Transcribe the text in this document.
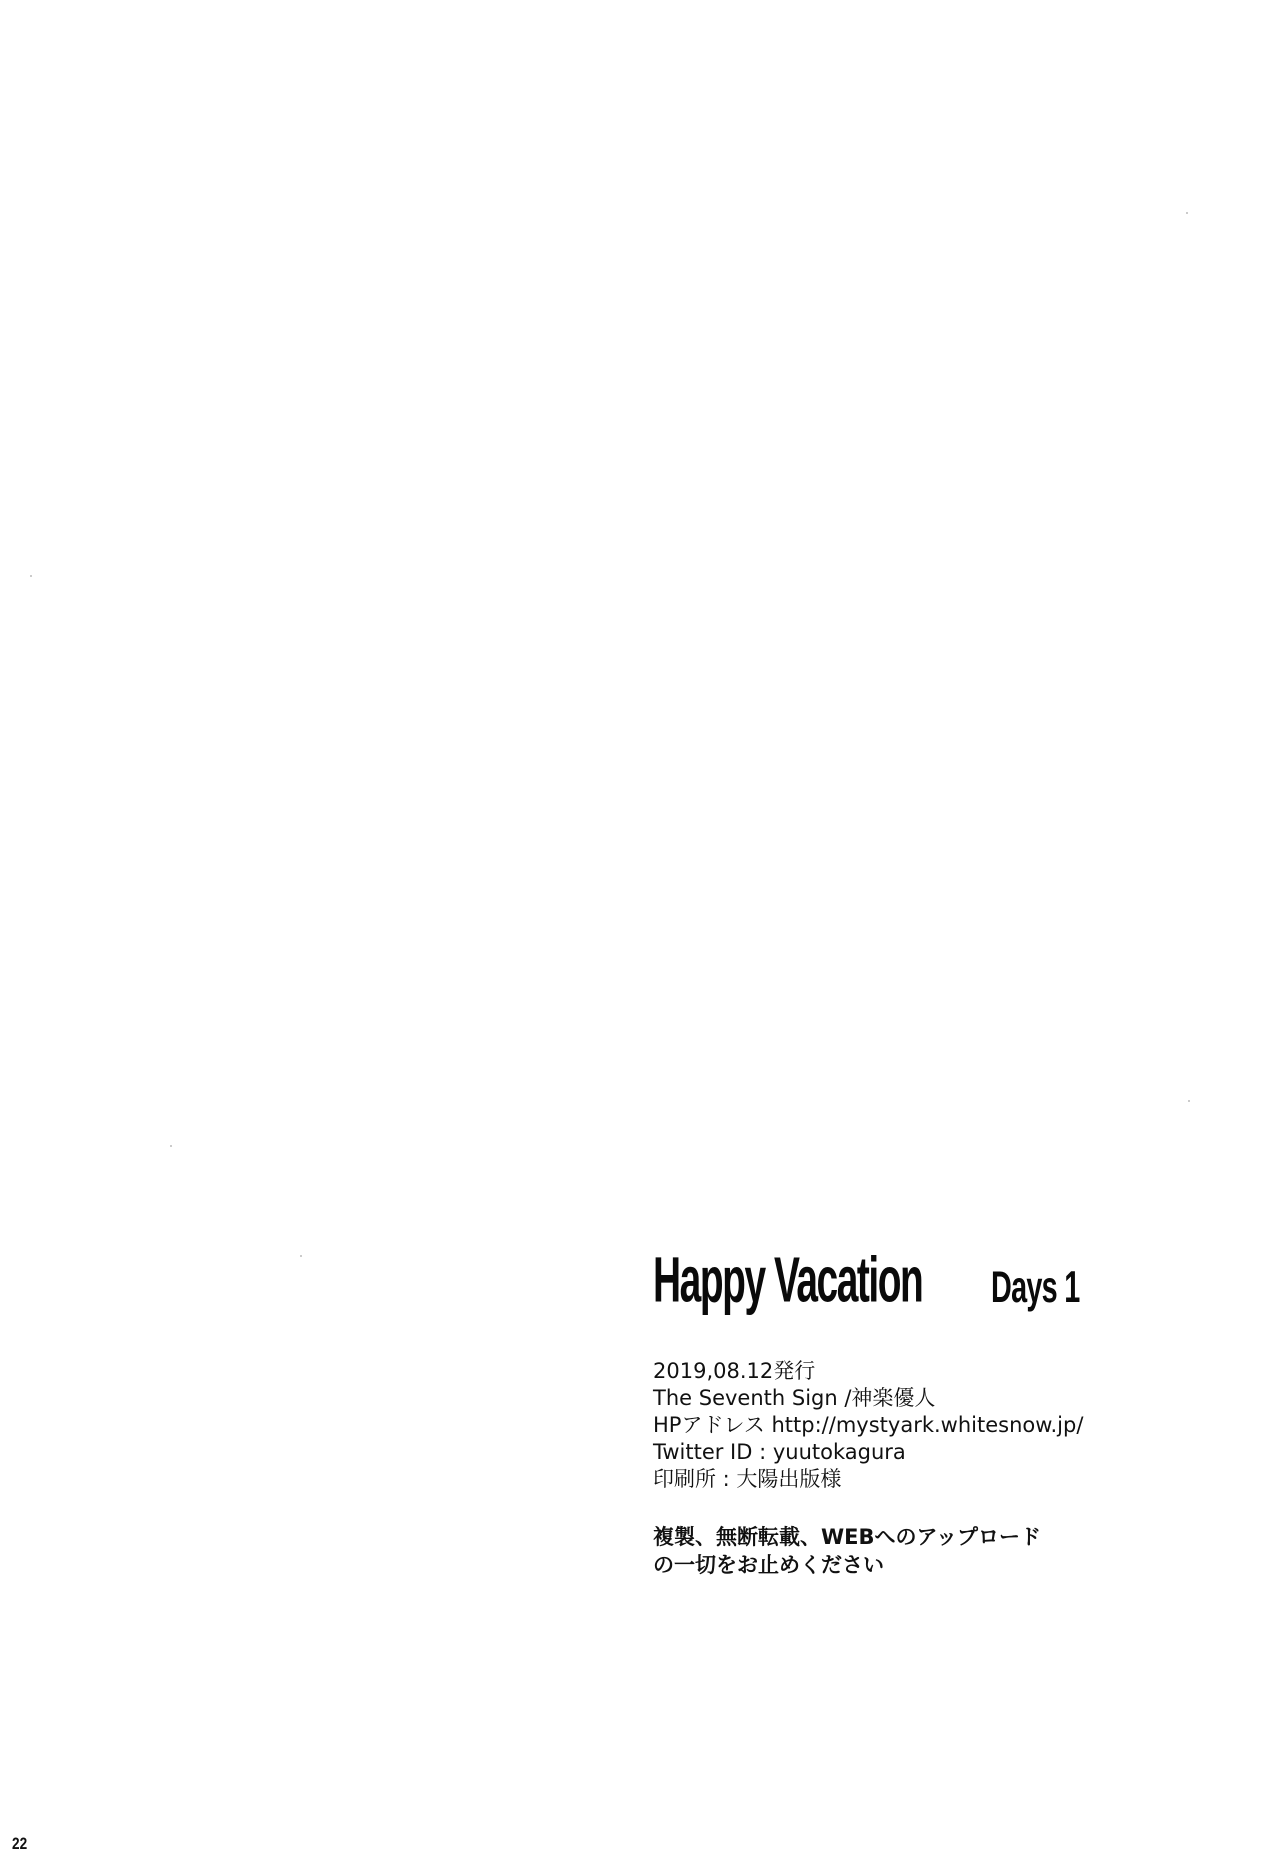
Happy Vacation Days 1
2019,08.12発行
The Seventh Sign /神楽優人
HPアドレス http://mystyark.whitesnow.jp/
Twitter ID : yuutokagura
印刷所 : 大陽出版様
複製、無断転載、WEBへのアップロード
の一切をお止めください
22
